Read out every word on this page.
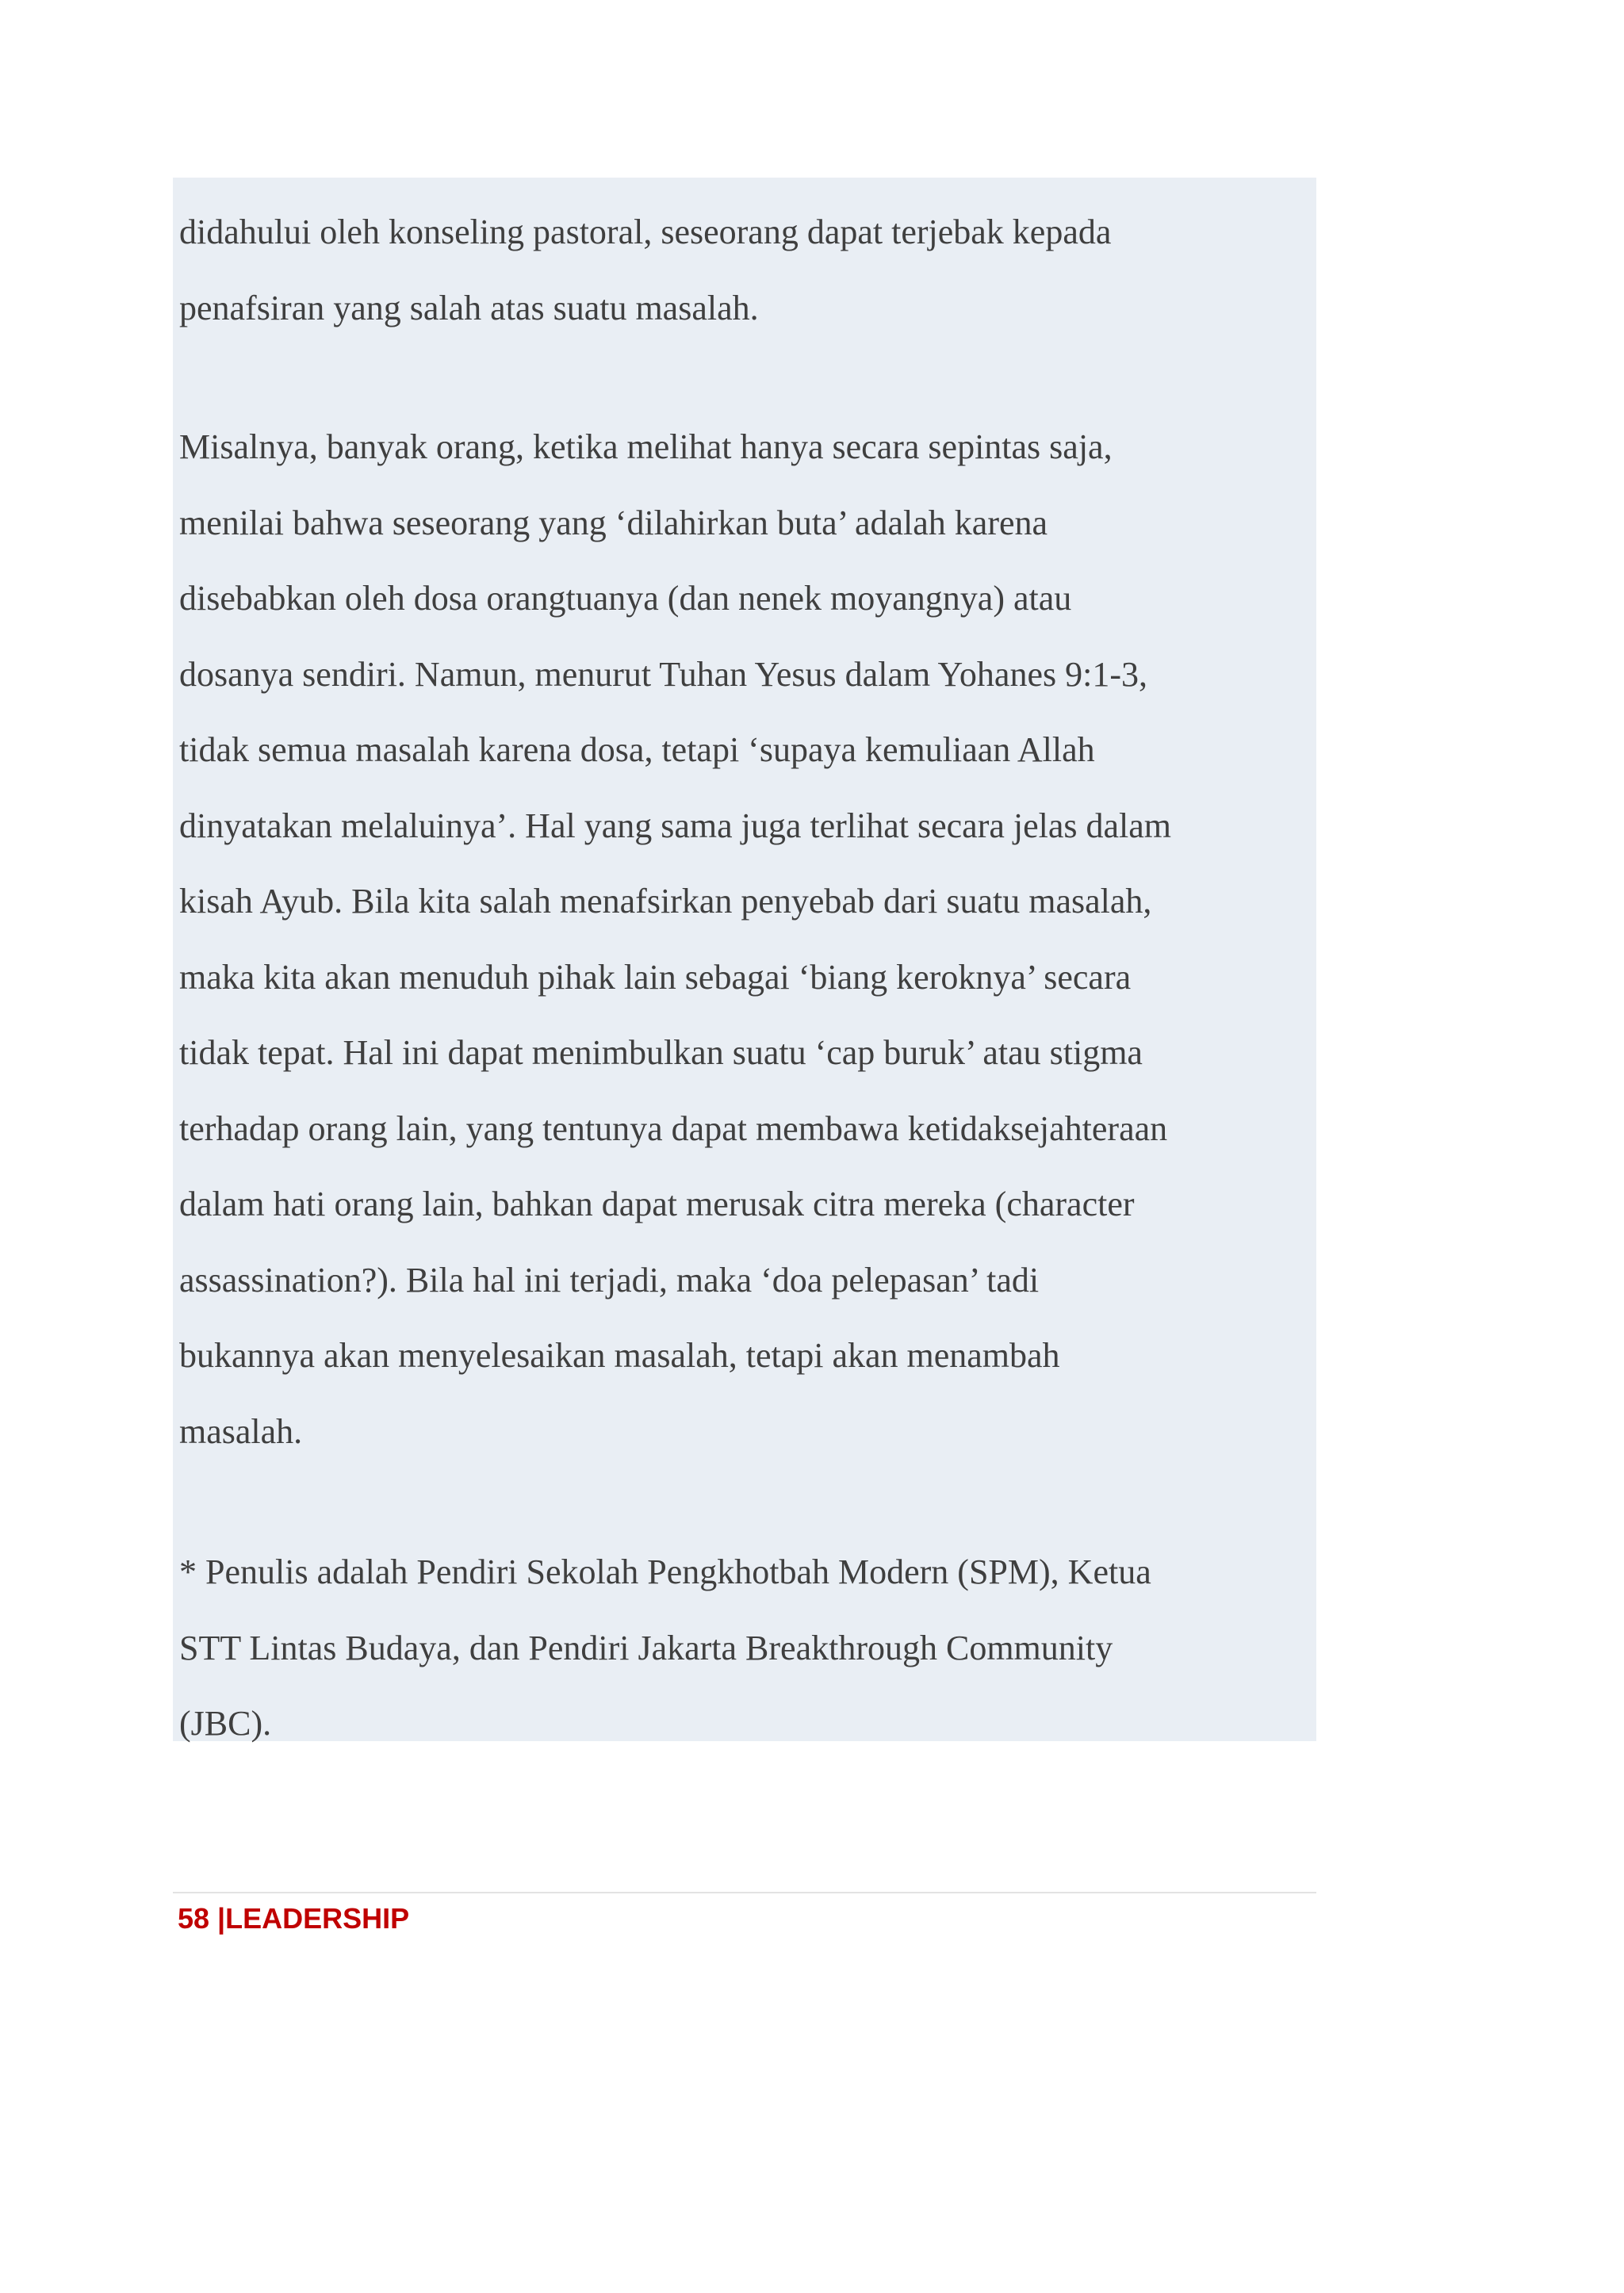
didahului oleh konseling pastoral, seseorang dapat terjebak kepada
penafsiran yang salah atas suatu masalah.

Misalnya, banyak orang, ketika melihat hanya secara sepintas saja,
menilai bahwa seseorang yang ‘dilahirkan buta’ adalah karena
disebabkan oleh dosa orangtuanya (dan nenek moyangnya) atau
dosanya sendiri. Namun, menurut Tuhan Yesus dalam Yohanes 9:1-3,
tidak semua masalah karena dosa, tetapi ‘supaya kemuliaan Allah
dinyatakan melaluinya’. Hal yang sama juga terlihat secara jelas dalam
kisah Ayub. Bila kita salah menafsirkan penyebab dari suatu masalah,
maka kita akan menuduh pihak lain sebagai ‘biang keroknya’ secara
tidak tepat. Hal ini dapat menimbulkan suatu ‘cap buruk’ atau stigma
terhadap orang lain, yang tentunya dapat membawa ketidaksejahteraan
dalam hati orang lain, bahkan dapat merusak citra mereka (character
assassination?). Bila hal ini terjadi, maka ‘doa pelepasan’ tadi
bukannya akan menyelesaikan masalah, tetapi akan menambah
masalah.

* Penulis adalah Pendiri Sekolah Pengkhotbah Modern (SPM), Ketua
STT Lintas Budaya, dan Pendiri Jakarta Breakthrough Community
(JBC).

58 |LEADERSHIP
